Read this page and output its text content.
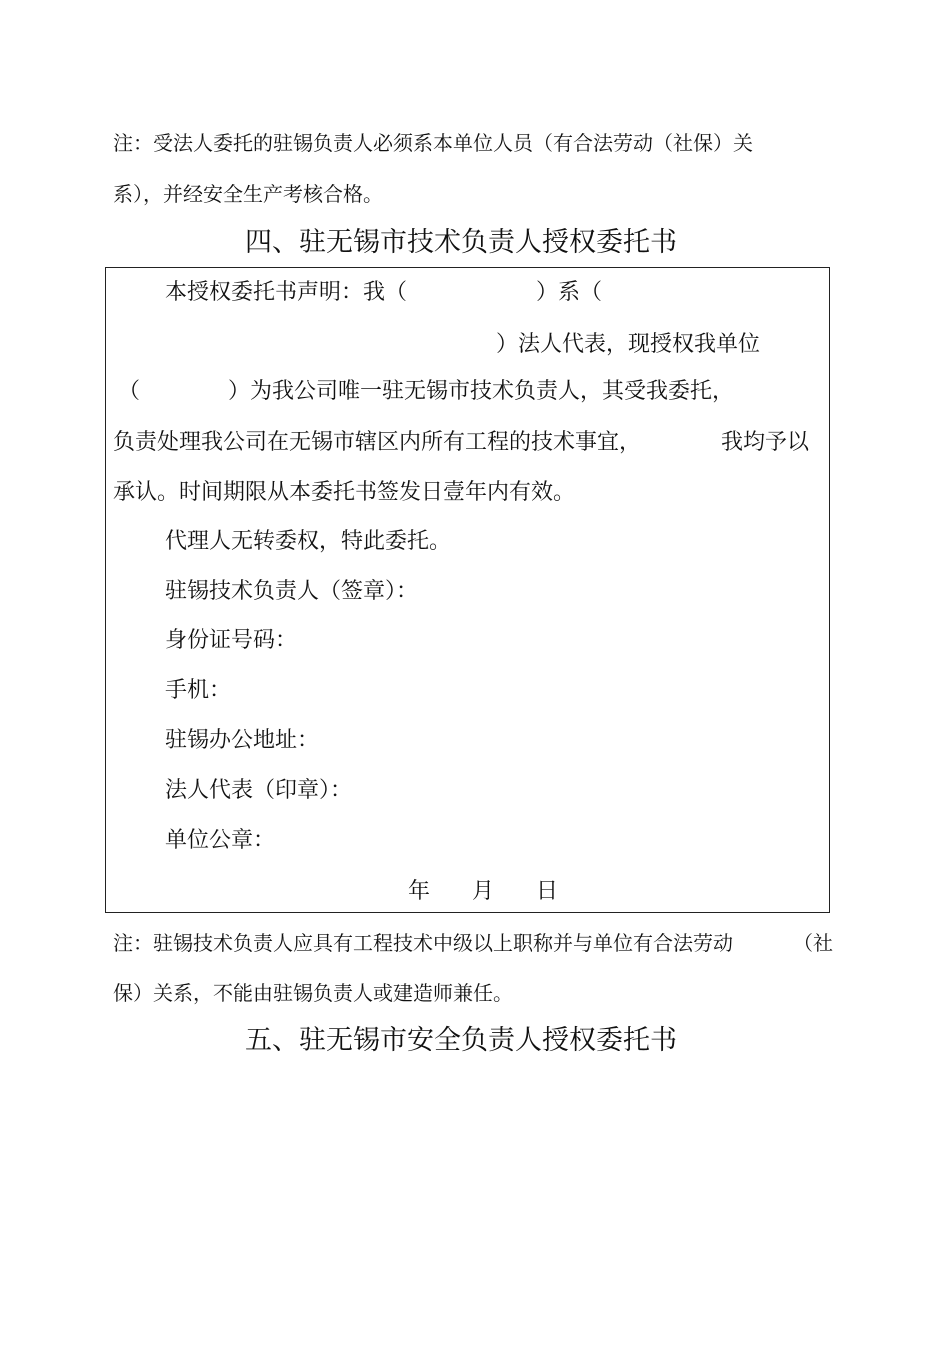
注：受法人委托的驻锡负责人必须系本单位人员（有合法劳动（社保）关
系），并经安全生产考核合格。
四、驻无锡市技术负责人授权委托书
本授权委托书声明：我（	）系（
）法人代表，现授权我单位
（	）为我公司唯一驻无锡市技术负责人，其受我委托，
负责处理我公司在无锡市辖区内所有工程的技术事宜，	我均予以
承认。时间期限从本委托书签发日壹年内有效。
代理人无转委权，特此委托。
驻锡技术负责人（签章）：
身份证号码：
手机：
驻锡办公地址：
法人代表（印章）：
单位公章：
年 月 日
注：驻锡技术负责人应具有工程技术中级以上职称并与单位有合法劳动	（社
保）关系，不能由驻锡负责人或建造师兼任。
五、驻无锡市安全负责人授权委托书
